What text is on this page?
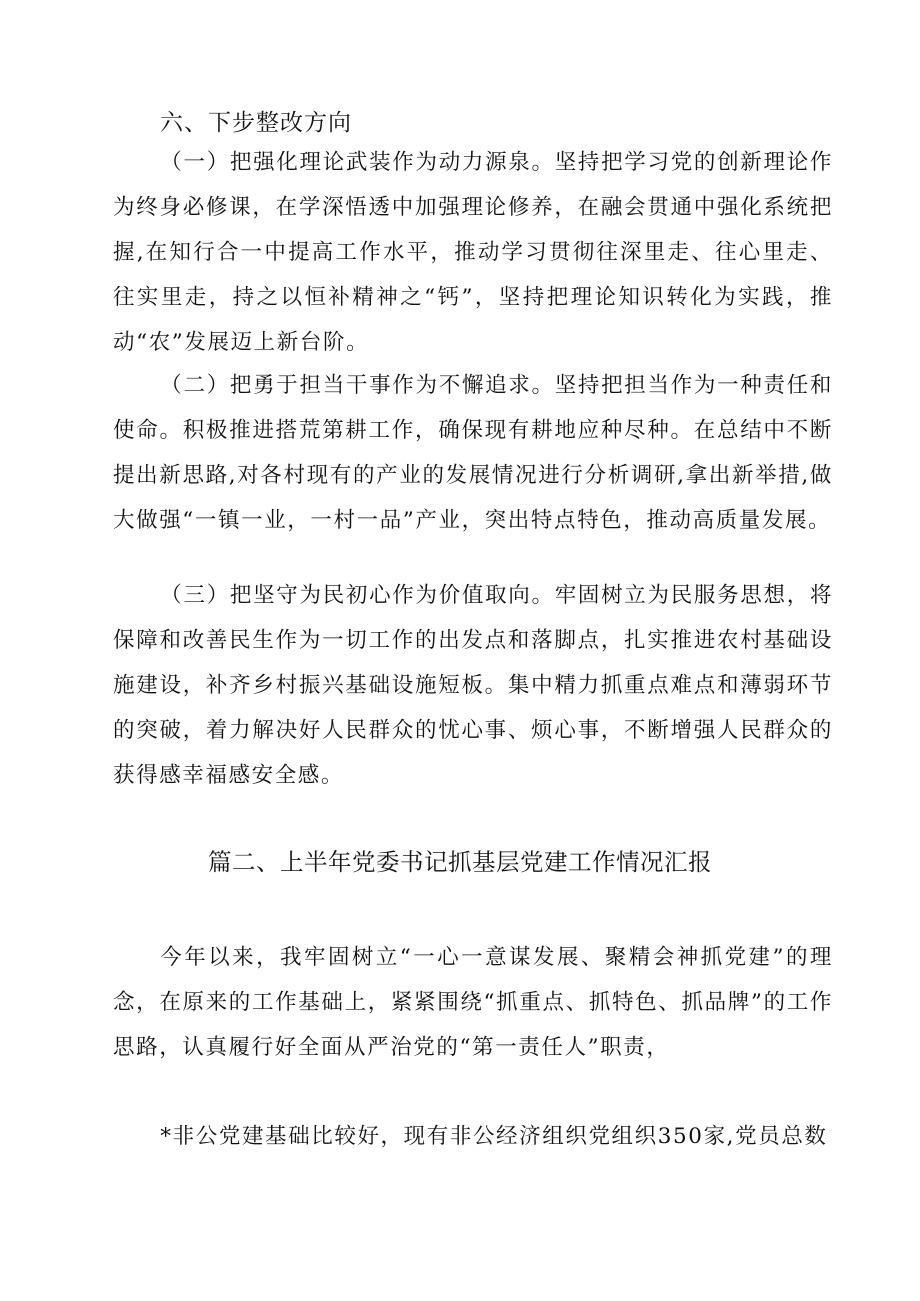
六、下步整改方向

（一）把强化理论武装作为动力源泉。坚持把学习党的创新理论作为终身必修课，在学深悟透中加强理论修养，在融会贯通中强化系统把握,在知行合一中提高工作水平，推动学习贯彻往深里走、往心里走、往实里走，持之以恒补精神之“钙”，坚持把理论知识转化为实践，推动“农”发展迈上新台阶。

（二）把勇于担当干事作为不懈追求。坚持把担当作为一种责任和使命。积极推进搭荒第耕工作，确保现有耕地应种尽种。在总结中不断提出新思路,对各村现有的产业的发展情况进行分析调研,拿出新举措,做大做强“一镇一业，一村一品”产业，突出特点特色，推动高质量发展。

（三）把坚守为民初心作为价值取向。牢固树立为民服务思想，将保障和改善民生作为一切工作的出发点和落脚点，扎实推进农村基础设施建设，补齐乡村振兴基础设施短板。集中精力抓重点难点和薄弱环节的突破，着力解决好人民群众的忧心事、烦心事，不断增强人民群众的获得感幸福感安全感。

篇二、上半年党委书记抓基层党建工作情况汇报

今年以来，我牢固树立“一心一意谋发展、聚精会神抓党建”的理念，在原来的工作基础上，紧紧围绕“抓重点、抓特色、抓品牌”的工作思路，认真履行好全面从严治党的“第一责任人”职责，

*非公党建基础比较好，现有非公经济组织党组织350家,党员总数
